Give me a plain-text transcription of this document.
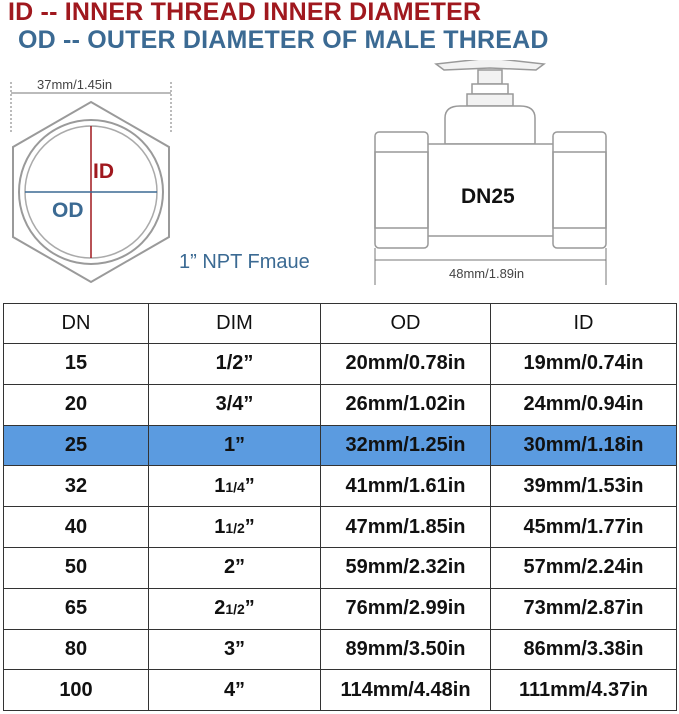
ID -- INNER THREAD INNER DIAMETER
OD -- OUTER DIAMETER OF MALE THREAD
37mm/1.45in
ID
OD
1” NPT Fmaue
DN25
48mm/1.89in
DN	DIM	OD	ID
15	1/2”	20mm/0.78in	19mm/0.74in
20	3/4”	26mm/1.02in	24mm/0.94in
25	1”	32mm/1.25in	30mm/1.18in
32	11/4”	41mm/1.61in	39mm/1.53in
40	11/2”	47mm/1.85in	45mm/1.77in
50	2”	59mm/2.32in	57mm/2.24in
65	21/2”	76mm/2.99in	73mm/2.87in
80	3”	89mm/3.50in	86mm/3.38in
100	4”	114mm/4.48in	111mm/4.37in
